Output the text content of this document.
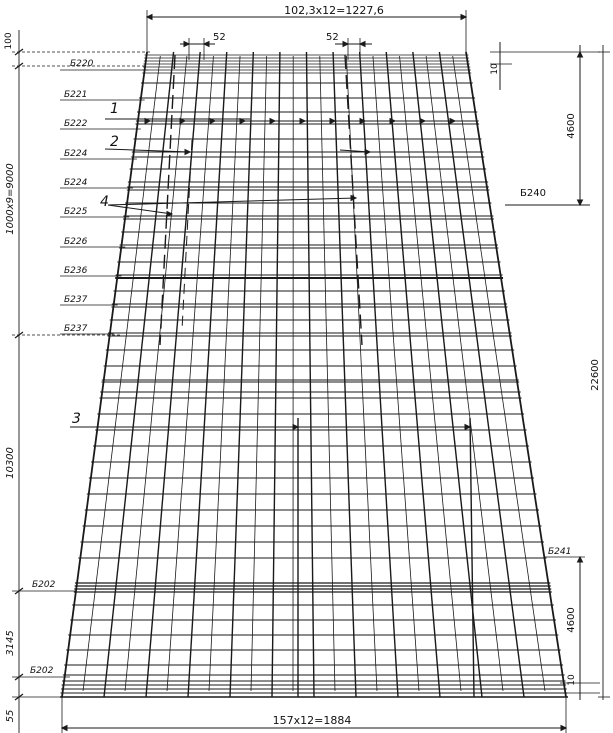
102,3x12=1227,6
52	52
100
1000x9=9000
10300
3145
55
10
4600
22600
4600
10
157x12=1884
Б220
Б221
Б222
Б224
Б224
Б225
Б226
Б236
Б237
Б237
Б202
Б202
Б240
Б241
1
2
3
4
